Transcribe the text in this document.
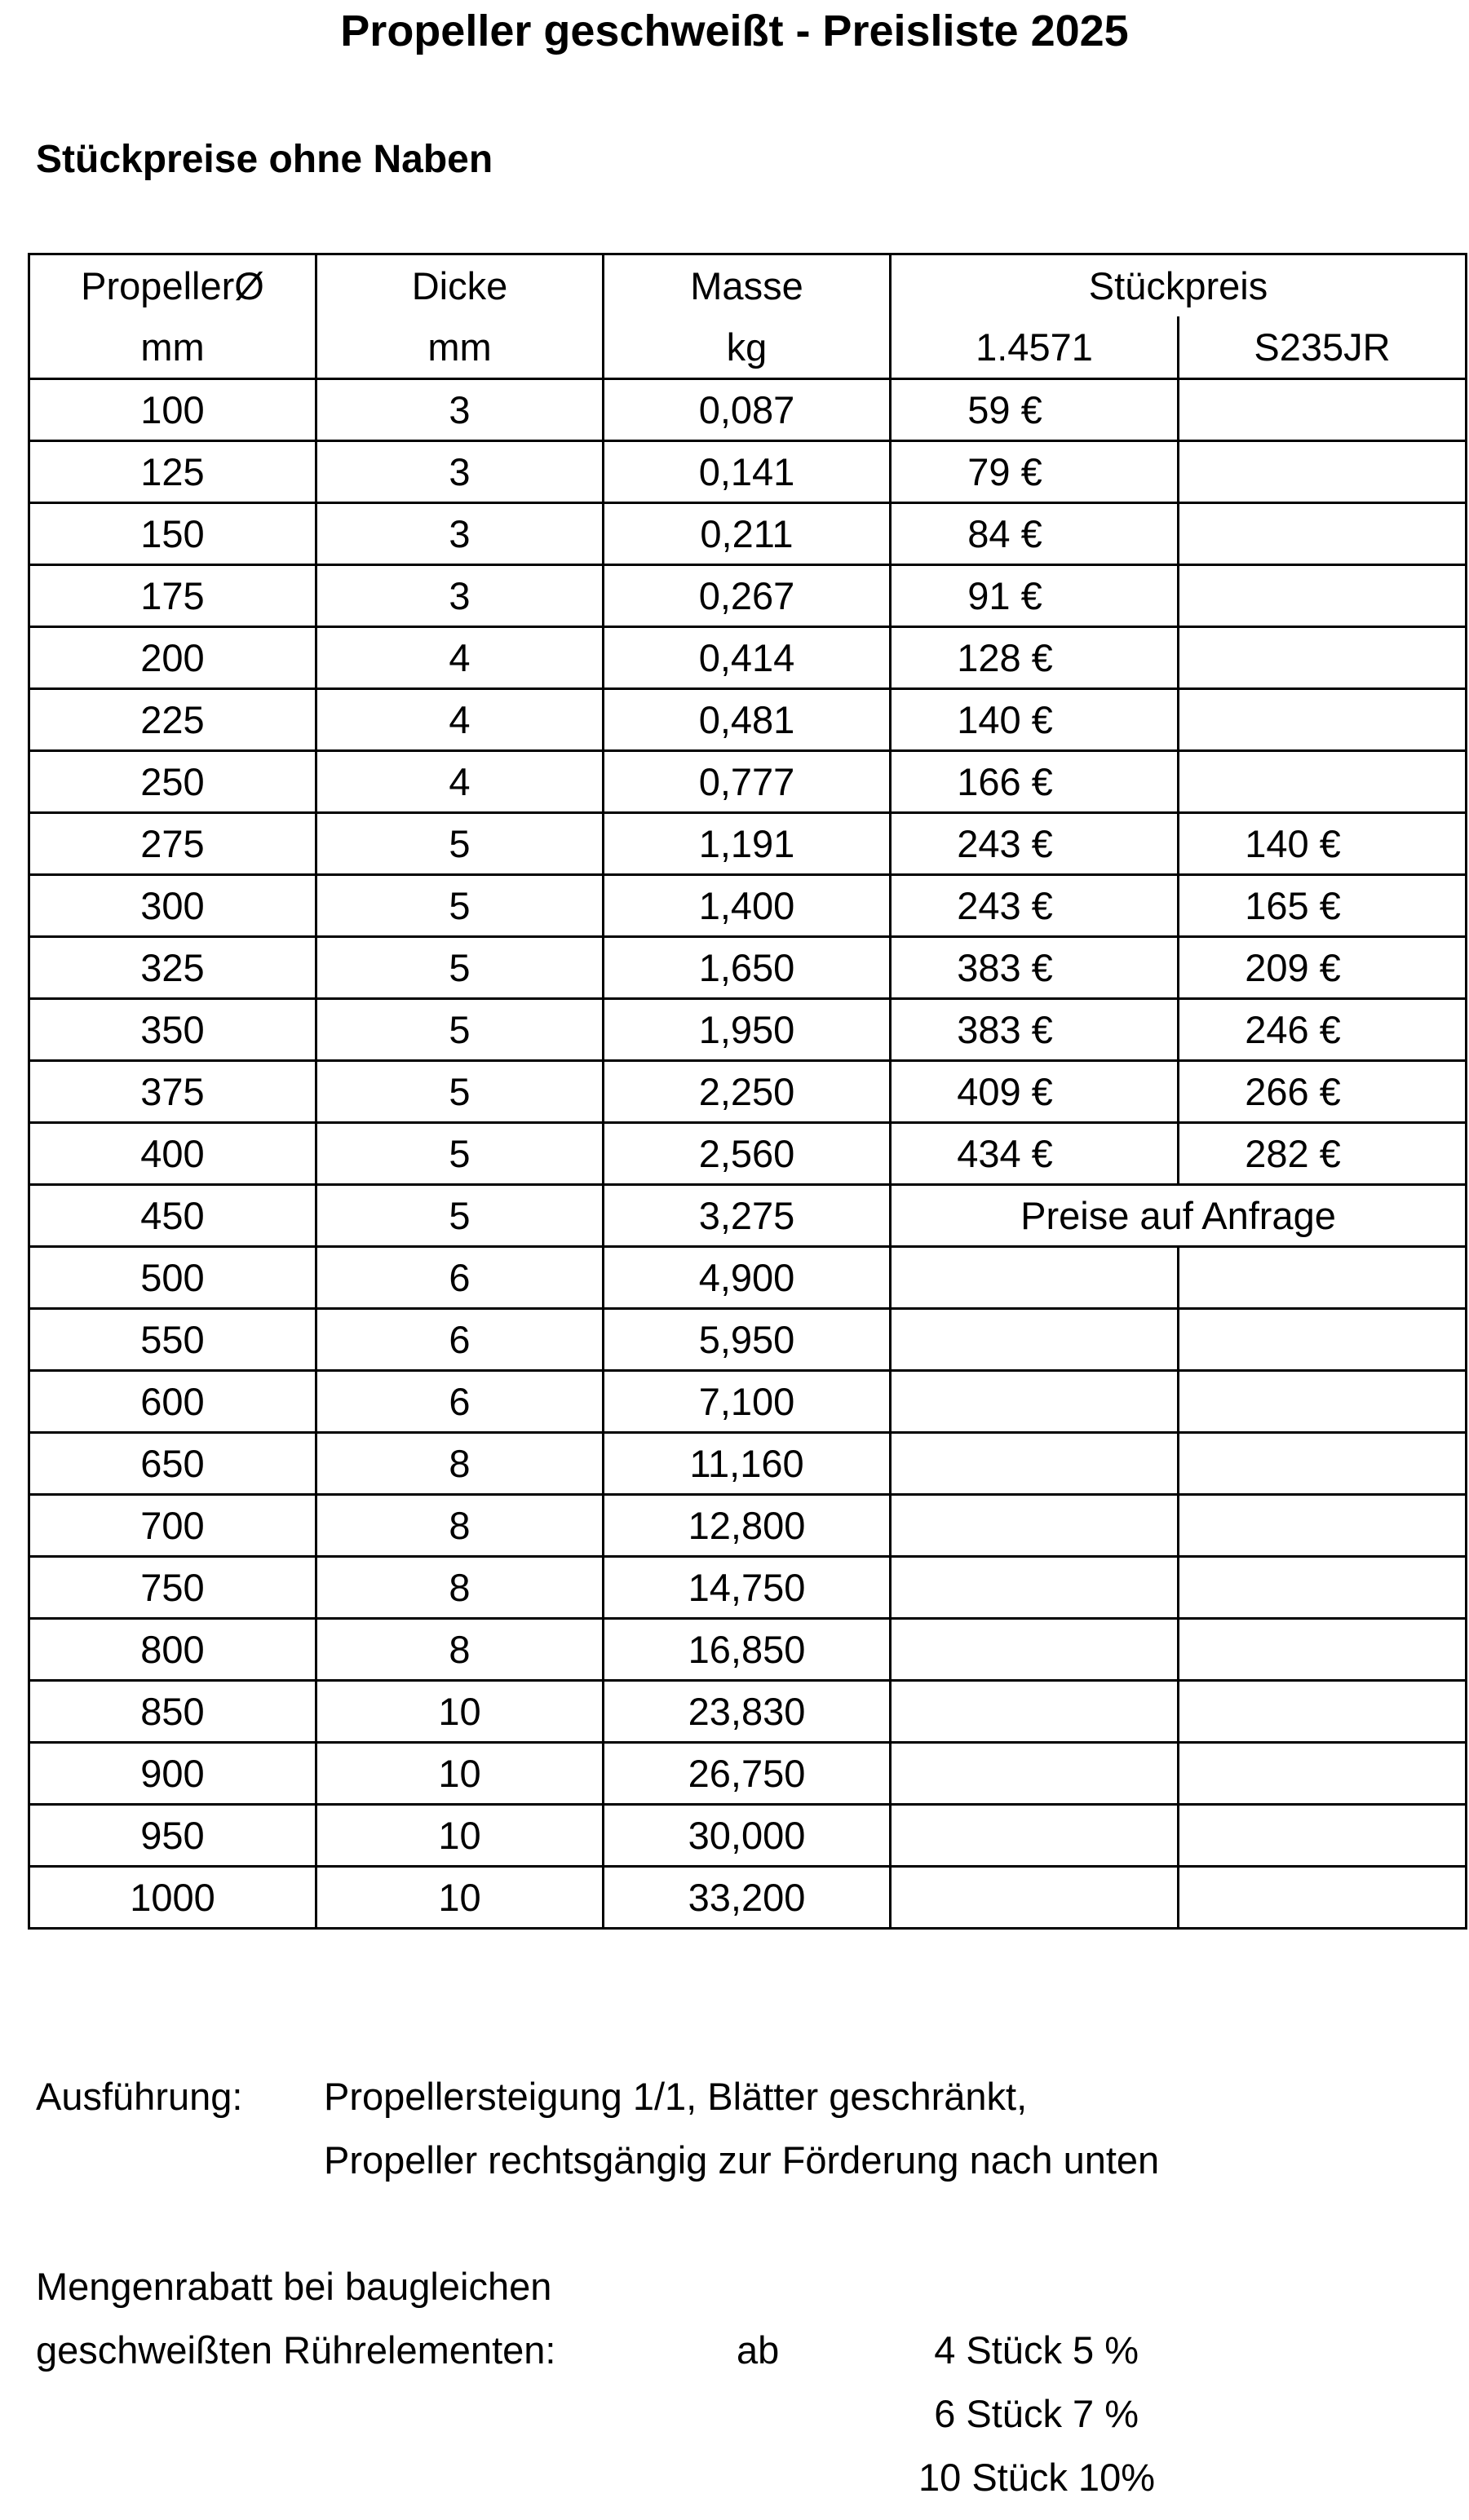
Propeller geschweißt - Preisliste 2025
Stückpreise ohne Naben
PropellerØ	Dicke	Masse	Stückpreis	
mm	mm	kg	1.4571	S235JR
100	3	0,087	59 €	
125	3	0,141	79 €	
150	3	0,211	84 €	
175	3	0,267	91 €	
200	4	0,414	128 €	
225	4	0,481	140 €	
250	4	0,777	166 €	
275	5	1,191	243 €	140 €
300	5	1,400	243 €	165 €
325	5	1,650	383 €	209 €
350	5	1,950	383 €	246 €
375	5	2,250	409 €	266 €
400	5	2,560	434 €	282 €
450	5	3,275	Preise auf Anfrage	
500	6	4,900		
550	6	5,950		
600	6	7,100		
650	8	11,160		
700	8	12,800		
750	8	14,750		
800	8	16,850		
850	10	23,830		
900	10	26,750		
950	10	30,000		
1000	10	33,200		
Ausführung: Propellersteigung 1/1, Blätter geschränkt,
Propeller rechtsgängig zur Förderung nach unten
Mengenrabatt bei baugleichen
geschweißten Rührelementen:	ab	4 Stück 5 %
6 Stück 7 %
10 Stück 10%
